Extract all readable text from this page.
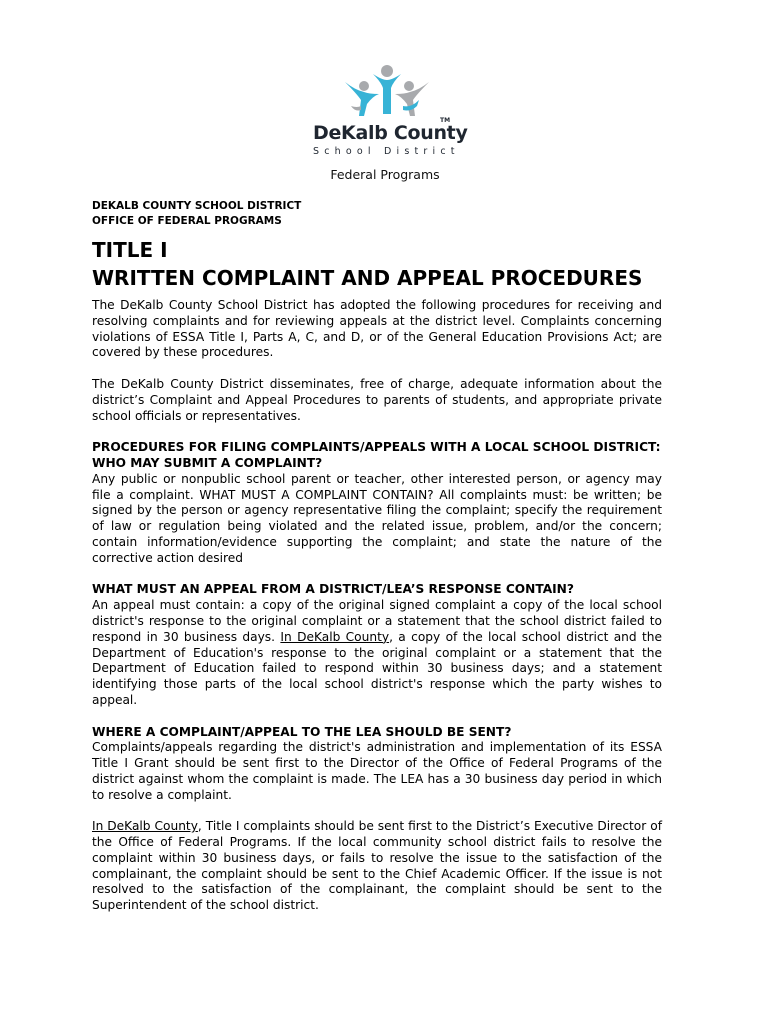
TM
DeKalb County
School District
Federal Programs
DEKALB COUNTY SCHOOL DISTRICT
OFFICE OF FEDERAL PROGRAMS
TITLE I
WRITTEN COMPLAINT AND APPEAL PROCEDURES

The DeKalb County School District has adopted the following procedures for receiving and resolving complaints and for reviewing appeals at the district level. Complaints concerning violations of ESSA Title I, Parts A, C, and D, or of the General Education Provisions Act; are covered by these procedures.

The DeKalb County District disseminates, free of charge, adequate information about the district’s Complaint and Appeal Procedures to parents of students, and appropriate private school officials or representatives.

PROCEDURES FOR FILING COMPLAINTS/APPEALS WITH A LOCAL SCHOOL DISTRICT:
WHO MAY SUBMIT A COMPLAINT?

Any public or nonpublic school parent or teacher, other interested person, or agency may file a complaint. WHAT MUST A COMPLAINT CONTAIN? All complaints must: be written; be signed by the person or agency representative filing the complaint; specify the requirement of law or regulation being violated and the related issue, problem, and/or the concern; contain information/evidence supporting the complaint; and state the nature of the corrective action desired

WHAT MUST AN APPEAL FROM A DISTRICT/LEA’S RESPONSE CONTAIN?

An appeal must contain: a copy of the original signed complaint a copy of the local school district's response to the original complaint or a statement that the school district failed to respond in 30 business days. In DeKalb County, a copy of the local school district and the Department of Education's response to the original complaint or a statement that the Department of Education failed to respond within 30 business days; and a statement identifying those parts of the local school district's response which the party wishes to appeal.

WHERE A COMPLAINT/APPEAL TO THE LEA SHOULD BE SENT?

Complaints/appeals regarding the district's administration and implementation of its ESSA Title I Grant should be sent first to the Director of the Office of Federal Programs of the district against whom the complaint is made. The LEA has a 30 business day period in which to resolve a complaint.

In DeKalb County, Title I complaints should be sent first to the District’s Executive Director of the Office of Federal Programs. If the local community school district fails to resolve the complaint within 30 business days, or fails to resolve the issue to the satisfaction of the complainant, the complaint should be sent to the Chief Academic Officer. If the issue is not resolved to the satisfaction of the complainant, the complaint should be sent to the Superintendent of the school district.
